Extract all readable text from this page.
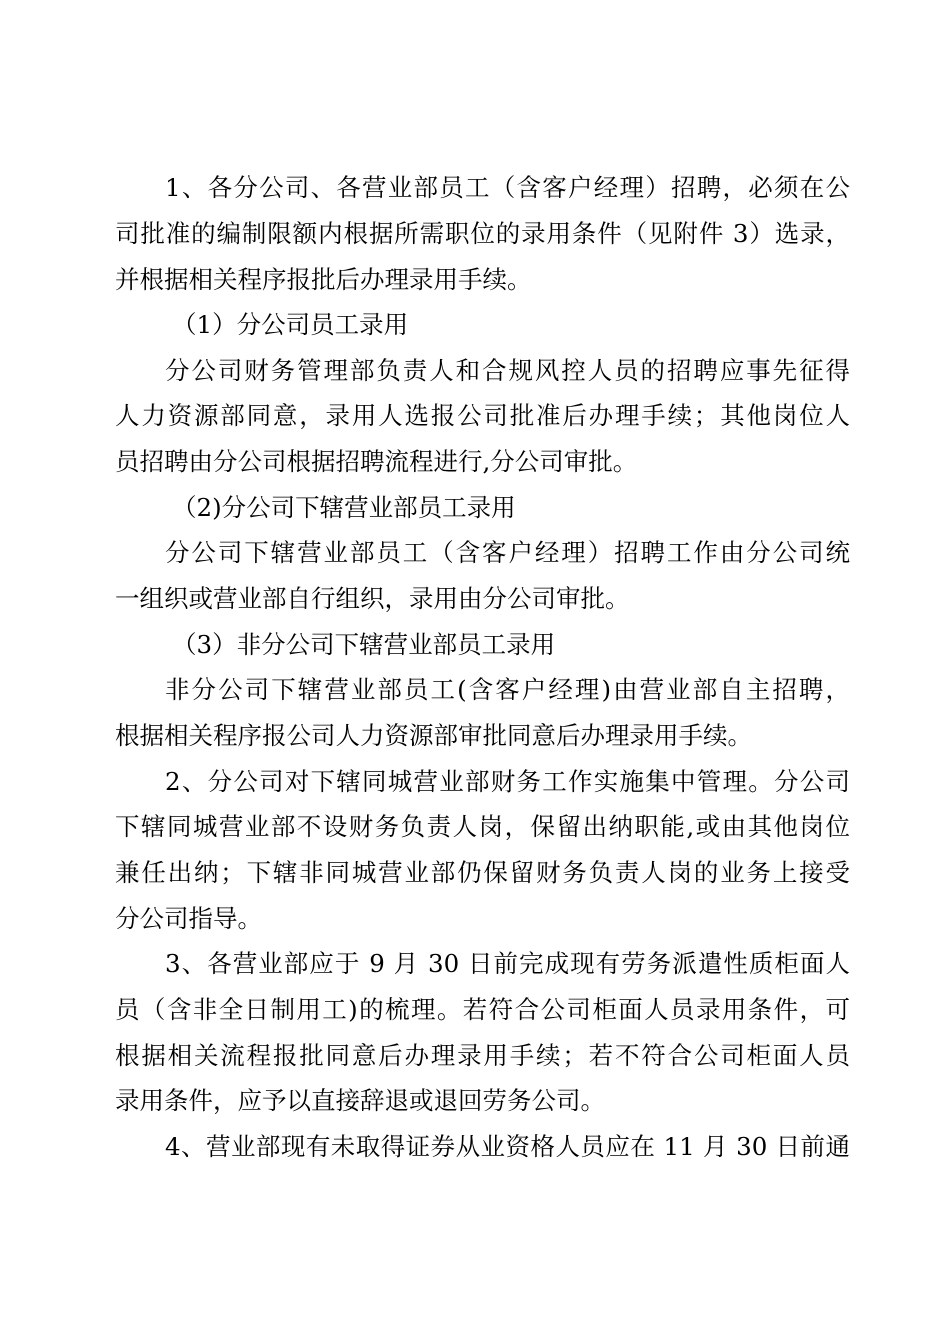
1、各分公司、各营业部员工（含客户经理）招聘，必须在公
司批准的编制限额内根据所需职位的录用条件（见附件 3）选录，
并根据相关程序报批后办理录用手续。
（1）分公司员工录用
分公司财务管理部负责人和合规风控人员的招聘应事先征得
人力资源部同意，录用人选报公司批准后办理手续；其他岗位人
员招聘由分公司根据招聘流程进行,分公司审批。
（2)分公司下辖营业部员工录用
分公司下辖营业部员工（含客户经理）招聘工作由分公司统
一组织或营业部自行组织，录用由分公司审批。
（3）非分公司下辖营业部员工录用
非分公司下辖营业部员工(含客户经理)由营业部自主招聘，
根据相关程序报公司人力资源部审批同意后办理录用手续。
2、分公司对下辖同城营业部财务工作实施集中管理。分公司
下辖同城营业部不设财务负责人岗，保留出纳职能,或由其他岗位
兼任出纳；下辖非同城营业部仍保留财务负责人岗的业务上接受
分公司指导。
3、各营业部应于 9 月 30 日前完成现有劳务派遣性质柜面人
员（含非全日制用工)的梳理。若符合公司柜面人员录用条件，可
根据相关流程报批同意后办理录用手续；若不符合公司柜面人员
录用条件，应予以直接辞退或退回劳务公司。
4、营业部现有未取得证券从业资格人员应在 11 月 30 日前通
